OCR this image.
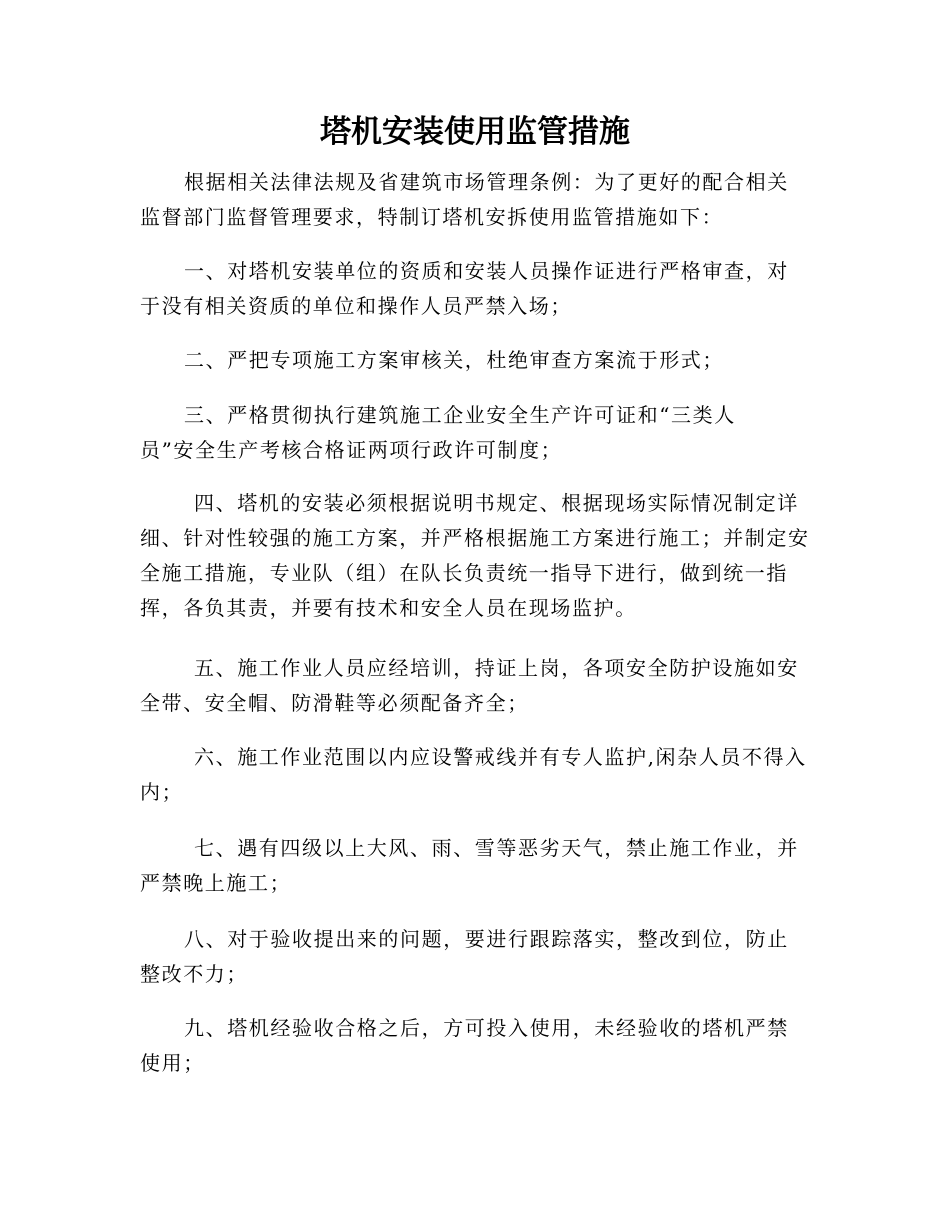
塔机安装使用监管措施

根据相关法律法规及省建筑市场管理条例：为了更好的配合相关监督部门监督管理要求，特制订塔机安拆使用监管措施如下：

一、对塔机安装单位的资质和安装人员操作证进行严格审查，对于没有相关资质的单位和操作人员严禁入场；

二、严把专项施工方案审核关，杜绝审查方案流于形式；

三、严格贯彻执行建筑施工企业安全生产许可证和“三类人员”安全生产考核合格证两项行政许可制度；

四、塔机的安装必须根据说明书规定、根据现场实际情况制定详细、针对性较强的施工方案，并严格根据施工方案进行施工；并制定安全施工措施，专业队（组）在队长负责统一指导下进行，做到统一指挥，各负其责，并要有技术和安全人员在现场监护。

五、施工作业人员应经培训，持证上岗，各项安全防护设施如安全带、安全帽、防滑鞋等必须配备齐全；

六、施工作业范围以内应设警戒线并有专人监护,闲杂人员不得入内；

七、遇有四级以上大风、雨、雪等恶劣天气，禁止施工作业，并严禁晚上施工；

八、对于验收提出来的问题，要进行跟踪落实，整改到位，防止整改不力；

九、塔机经验收合格之后，方可投入使用，未经验收的塔机严禁使用；
